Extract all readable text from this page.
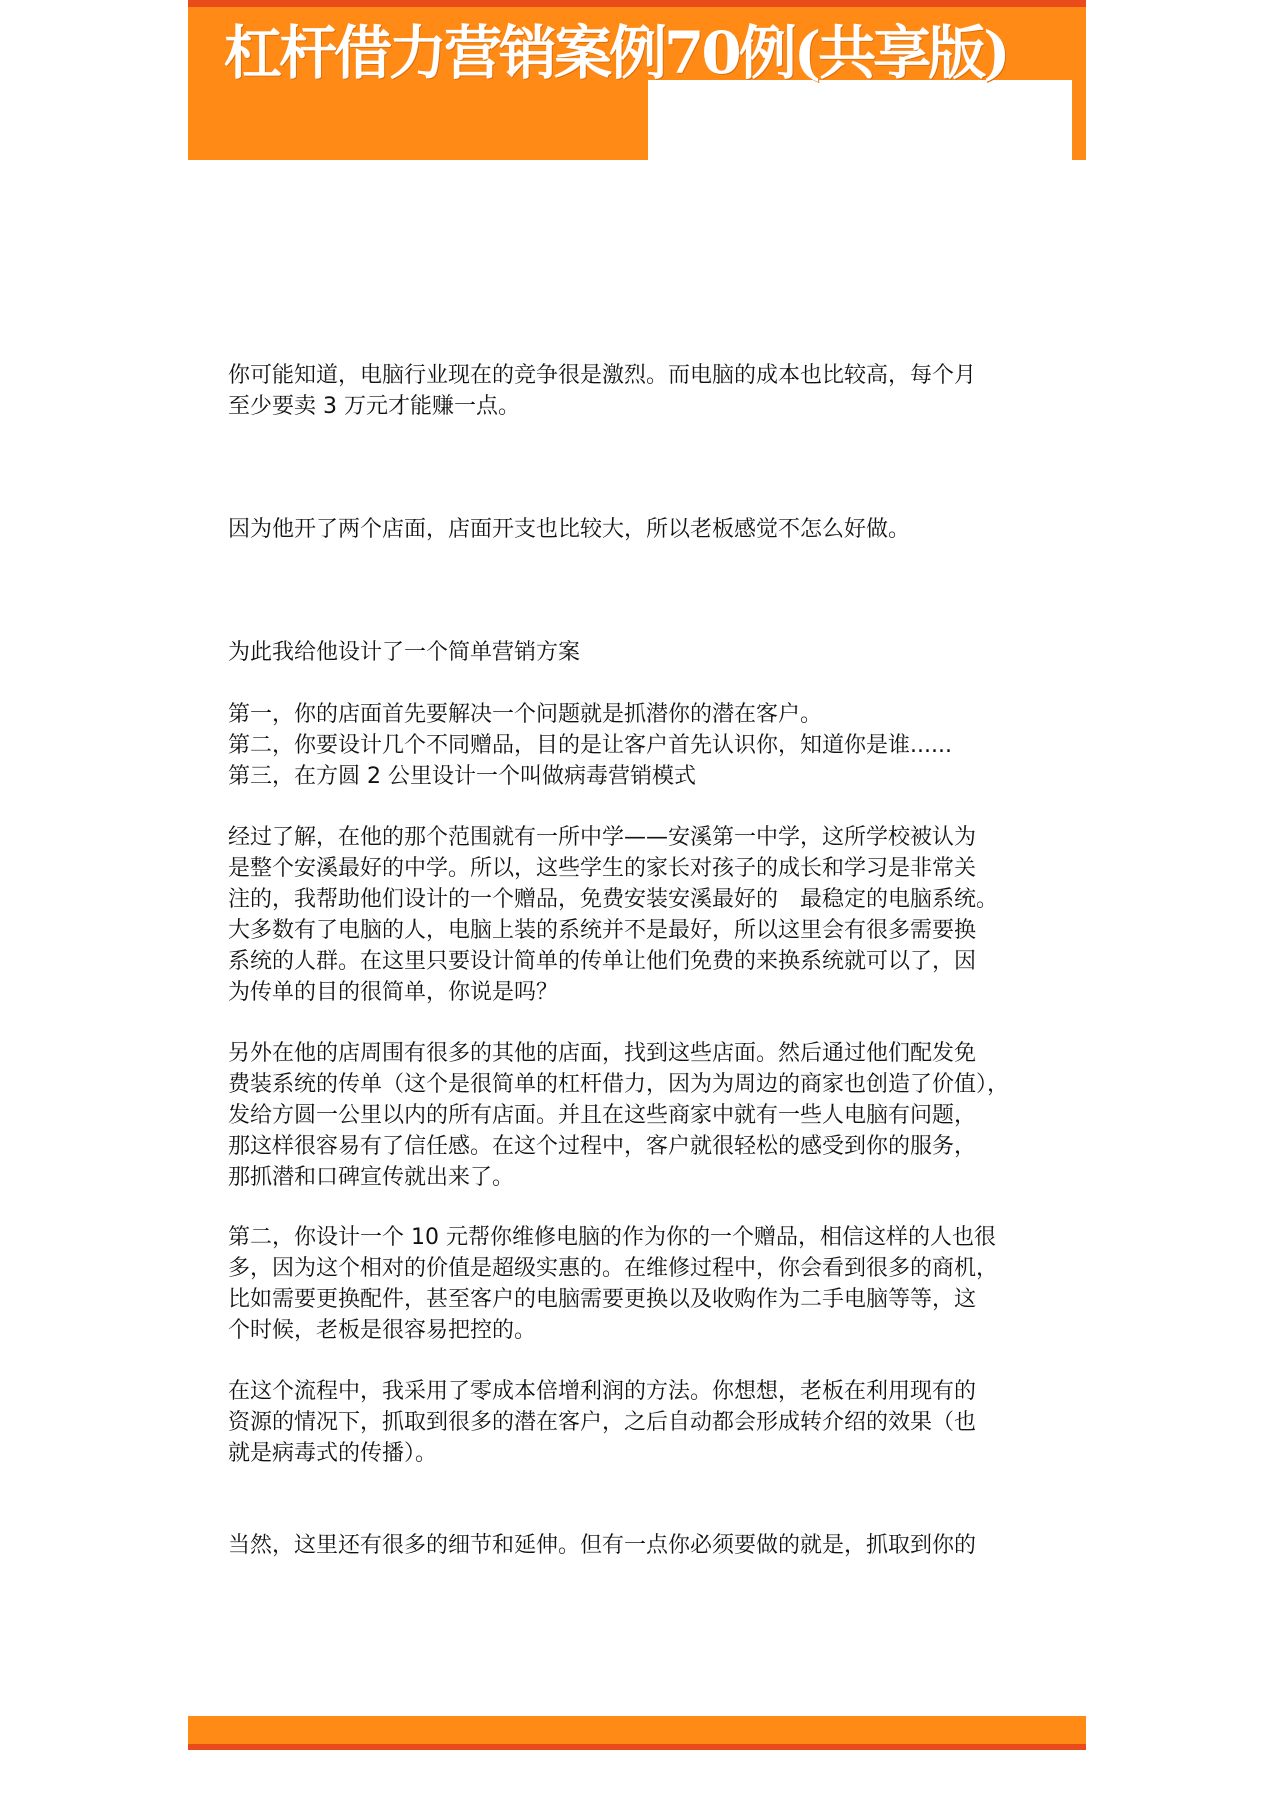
杠杆借力营销案例70例(共享版)

你可能知道，电脑行业现在的竞争很是激烈。而电脑的成本也比较高，每个月

至少要卖 3 万元才能赚一点。

因为他开了两个店面，店面开支也比较大，所以老板感觉不怎么好做。

为此我给他设计了一个简单营销方案

第一，你的店面首先要解决一个问题就是抓潜你的潜在客户。

第二，你要设计几个不同赠品，目的是让客户首先认识你，知道你是谁......

第三，在方圆 2 公里设计一个叫做病毒营销模式

经过了解，在他的那个范围就有一所中学——安溪第一中学，这所学校被认为

是整个安溪最好的中学。所以，这些学生的家长对孩子的成长和学习是非常关

注的，我帮助他们设计的一个赠品，免费安装安溪最好的　最稳定的电脑系统。

大多数有了电脑的人，电脑上装的系统并不是最好，所以这里会有很多需要换

系统的人群。在这里只要设计简单的传单让他们免费的来换系统就可以了，因

为传单的目的很简单，你说是吗？

另外在他的店周围有很多的其他的店面，找到这些店面。然后通过他们配发免

费装系统的传单（这个是很简单的杠杆借力，因为为周边的商家也创造了价值），

发给方圆一公里以内的所有店面。并且在这些商家中就有一些人电脑有问题，

那这样很容易有了信任感。在这个过程中，客户就很轻松的感受到你的服务，

那抓潜和口碑宣传就出来了。

第二，你设计一个 10 元帮你维修电脑的作为你的一个赠品，相信这样的人也很

多，因为这个相对的价值是超级实惠的。在维修过程中，你会看到很多的商机，

比如需要更换配件，甚至客户的电脑需要更换以及收购作为二手电脑等等，这

个时候，老板是很容易把控的。

在这个流程中，我采用了零成本倍增利润的方法。你想想，老板在利用现有的

资源的情况下，抓取到很多的潜在客户，之后自动都会形成转介绍的效果（也

就是病毒式的传播）。

当然，这里还有很多的细节和延伸。但有一点你必须要做的就是，抓取到你的
